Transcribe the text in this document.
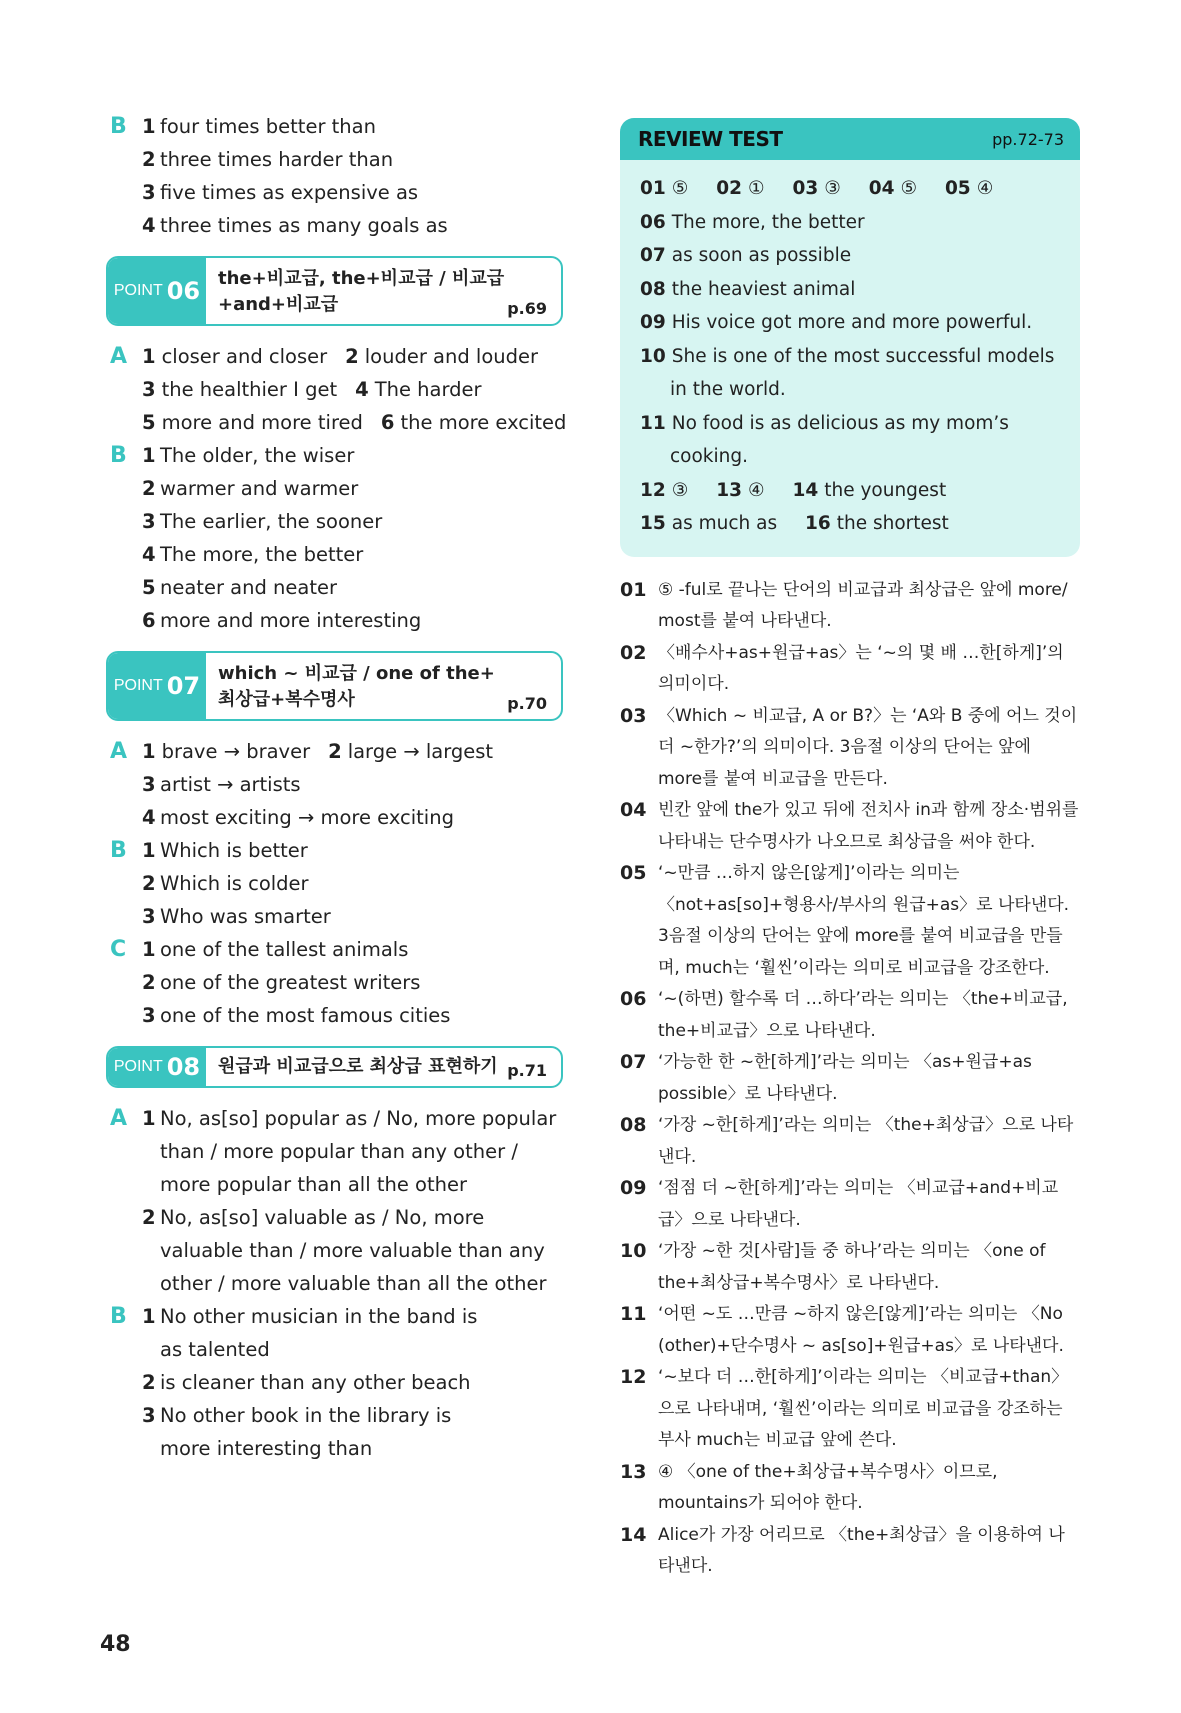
B 1 four times better than
2 three times harder than
3 five times as expensive as
4 three times as many goals as
POINT 06 the+비교급, the+비교급 / 비교급 +and+비교급	p.69
A 1 closer and closer 2 louder and louder
3 the healthier I get 4 The harder
5 more and more tired 6 the more excited
B 1 The older, the wiser
2 warmer and warmer
3 The earlier, the sooner
4 The more, the better
5 neater and neater
6 more and more interesting
POINT 07 which ~ 비교급 / one of the+ 최상급+복수명사	p.70
A 1 brave → braver 2 large → largest
3 artist → artists
4 most exciting → more exciting
B 1 Which is better
2 Which is colder
3 Who was smarter
C 1 one of the tallest animals
2 one of the greatest writers
3 one of the most famous cities
POINT 08 원급과 비교급으로 최상급 표현하기 p.71
A 1 No, as[so] popular as / No, more popular than / more popular than any other / more popular than all the other
2 No, as[so] valuable as / No, more valuable than / more valuable than any other / more valuable than all the other
B 1 No other musician in the band is as talented
2 is cleaner than any other beach
3 No other book in the library is more interesting than
REVIEW TEST	pp.72-73
01 ⑤ 02 ① 03 ③ 04 ⑤ 05 ④
06 The more, the better
07 as soon as possible
08 the heaviest animal
09 His voice got more and more powerful.
10 She is one of the most successful models
in the world.
11 No food is as delicious as my mom’s
cooking.
12 ③ 13 ④ 14 the youngest
15 as much as 16 the shortest
01 ⑤ -ful로 끝나는 단어의 비교급과 최상급은 앞에 more/ most를 붙여 나타낸다.
02 〈배수사+as+원급+as〉는 ‘~의 몇 배 …한[하게]’의 의미이다.
03 〈Which ~ 비교급, A or B?〉는 ‘A와 B 중에 어느 것이 더 ~한가?’의 의미이다. 3음절 이상의 단어는 앞에 more를 붙여 비교급을 만든다.
04 빈칸 앞에 the가 있고 뒤에 전치사 in과 함께 장소·범위를 나타내는 단수명사가 나오므로 최상급을 써야 한다.
05 ‘~만큼 …하지 않은[않게]’이라는 의미는 〈not+as[so]+형용사/부사의 원급+as〉로 나타낸다. 3음절 이상의 단어는 앞에 more를 붙여 비교급을 만들며, much는 ‘훨씬’이라는 의미로 비교급을 강조한다.
06 ‘~(하면) 할수록 더 …하다’라는 의미는 〈the+비교급, the+비교급〉으로 나타낸다.
07 ‘가능한 한 ~한[하게]’라는 의미는 〈as+원급+as possible〉로 나타낸다.
08 ‘가장 ~한[하게]’라는 의미는 〈the+최상급〉으로 나타낸다.
09 ‘점점 더 ~한[하게]’라는 의미는 〈비교급+and+비교급〉으로 나타낸다.
10 ‘가장 ~한 것[사람]들 중 하나’라는 의미는 〈one of the+최상급+복수명사〉로 나타낸다.
11 ‘어떤 ~도 …만큼 ~하지 않은[않게]’라는 의미는 〈No (other)+단수명사 ~ as[so]+원급+as〉로 나타낸다.
12 ‘~보다 더 …한[하게]’이라는 의미는 〈비교급+than〉으로 나타내며, ‘훨씬’이라는 의미로 비교급을 강조하는 부사 much는 비교급 앞에 쓴다.
13 ④ 〈one of the+최상급+복수명사〉이므로, mountains가 되어야 한다.
14 Alice가 가장 어리므로 〈the+최상급〉을 이용하여 나타낸다.
48
